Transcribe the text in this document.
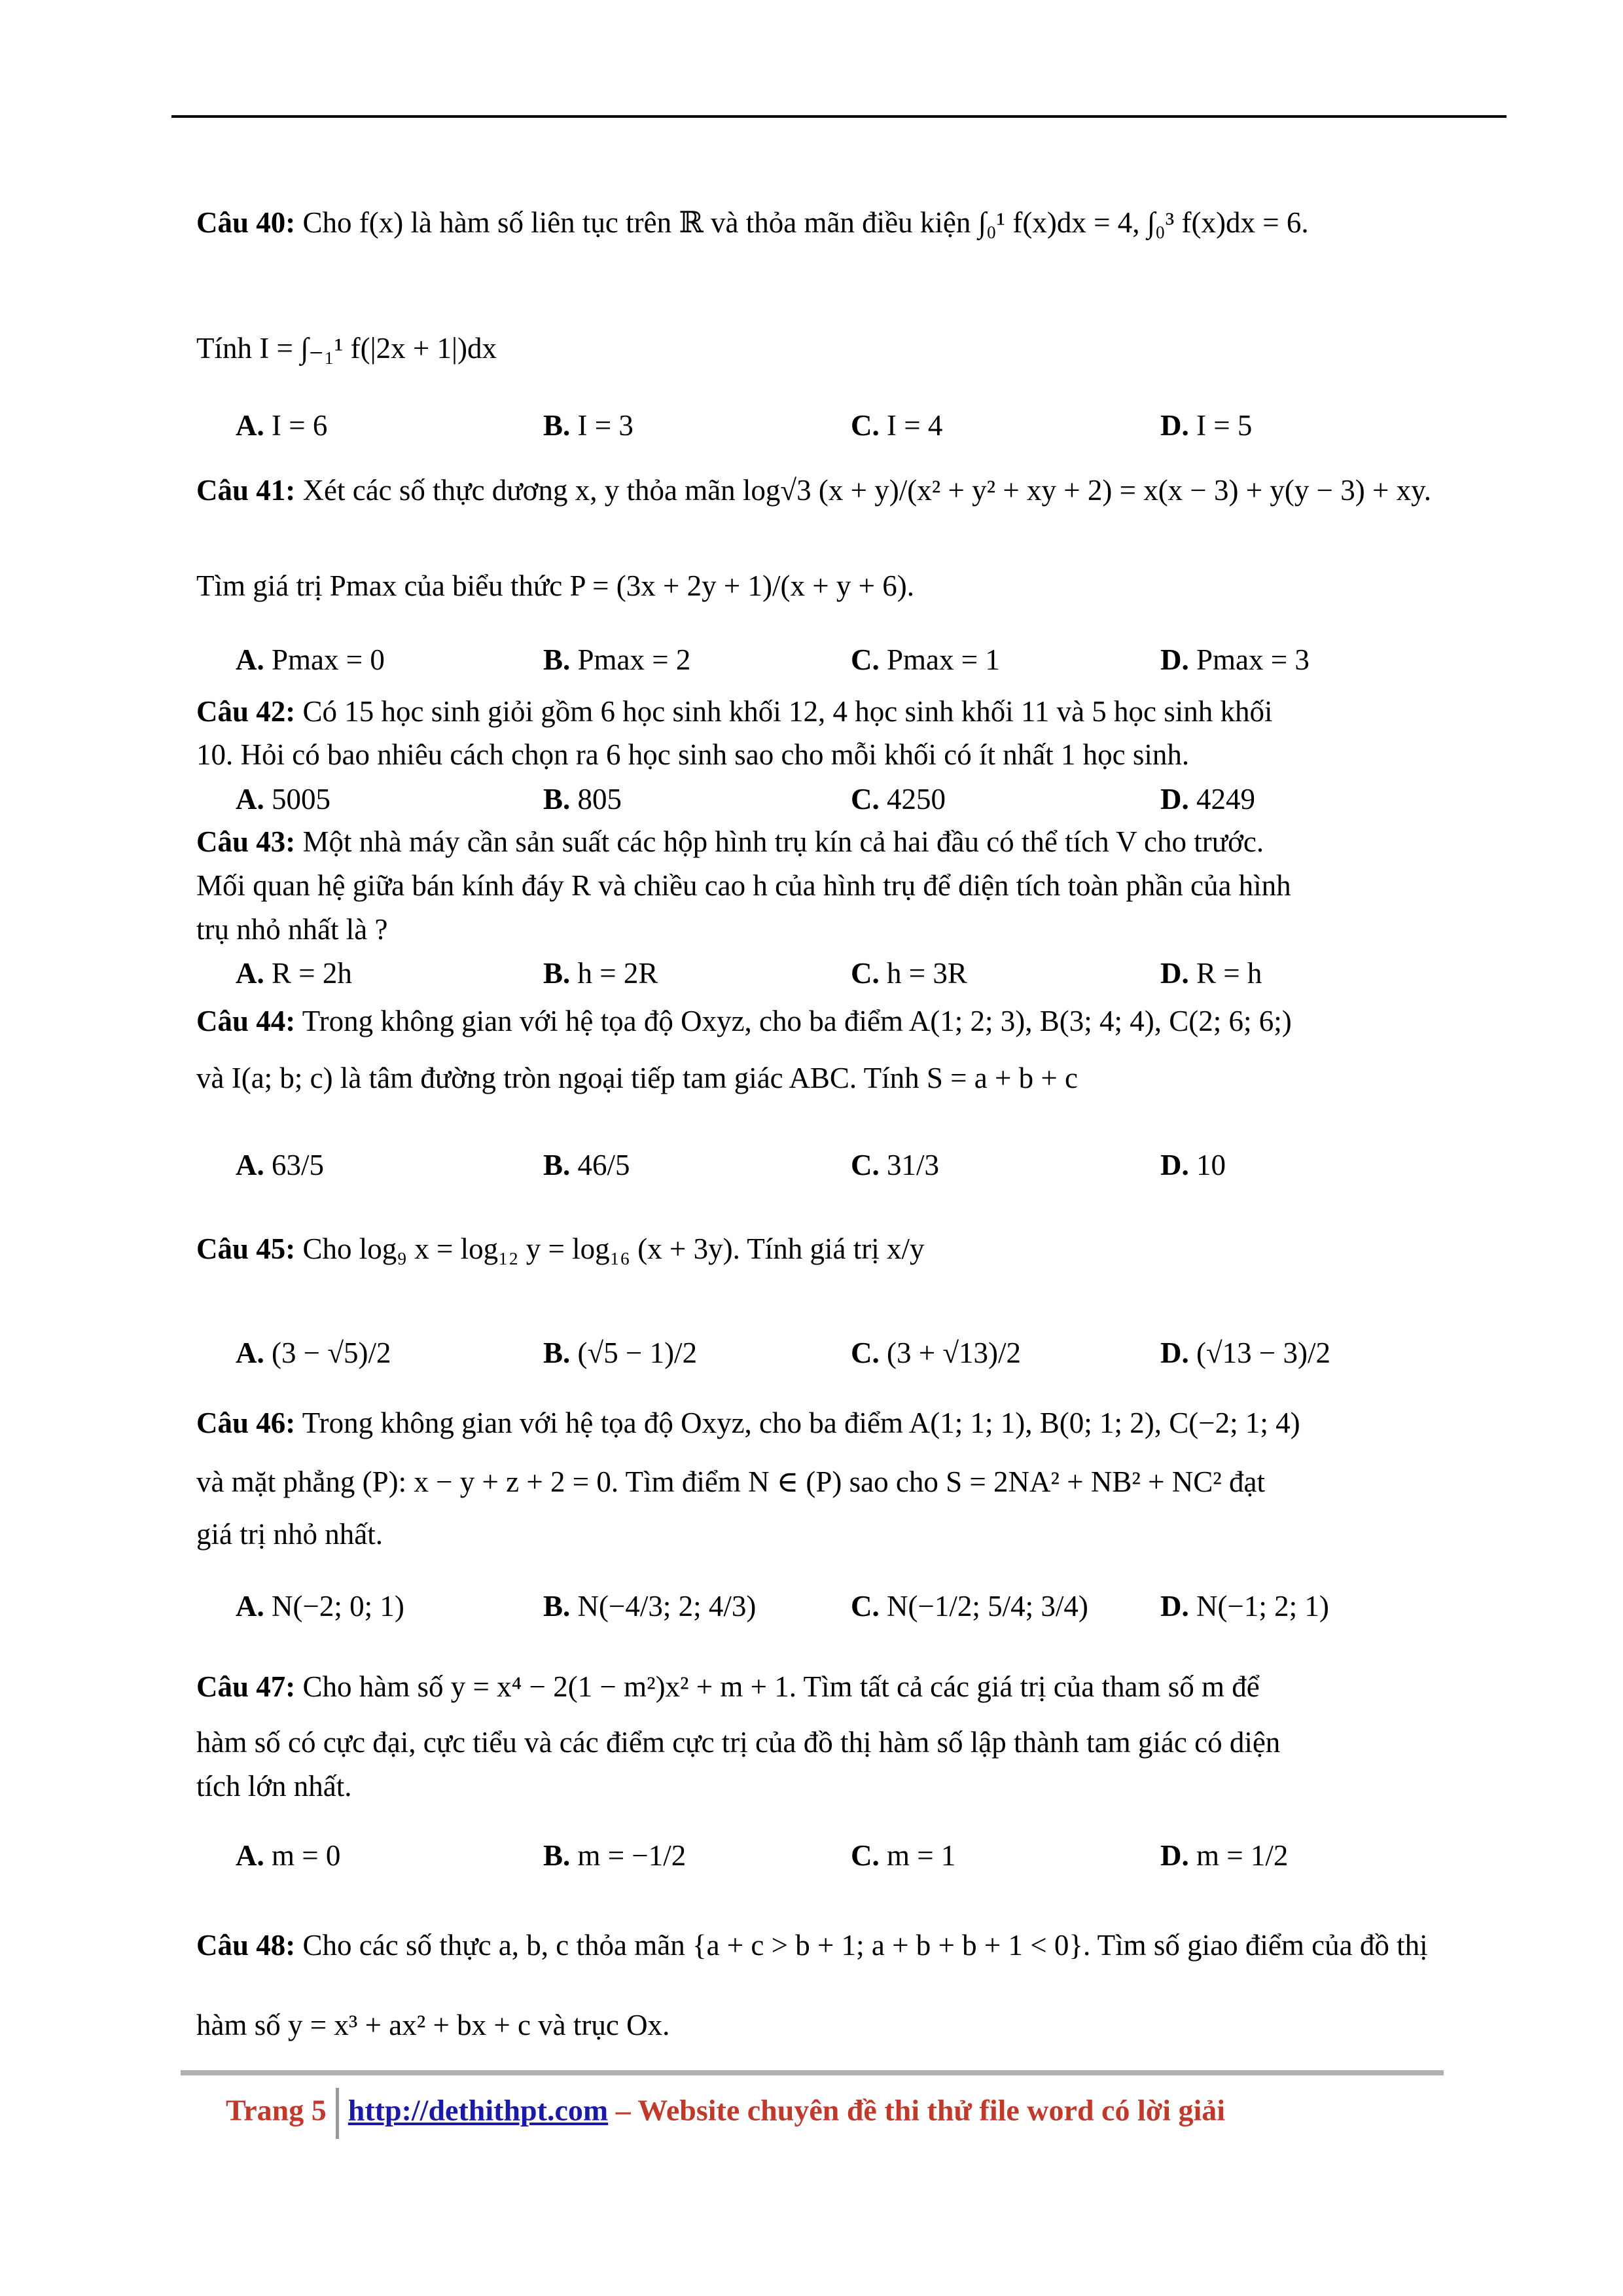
Câu 40: Cho f(x) là hàm số liên tục trên ℝ và thỏa mãn điều kiện ∫₀¹ f(x)dx = 4, ∫₀³ f(x)dx = 6.
Tính I = ∫₋₁¹ f(|2x + 1|)dx
A. I = 6	B. I = 3	C. I = 4	D. I = 5
Câu 41: Xét các số thực dương x, y thỏa mãn log√3 (x + y)/(x² + y² + xy + 2) = x(x − 3) + y(y − 3) + xy.
Tìm giá trị Pmax của biểu thức P = (3x + 2y + 1)/(x + y + 6).
A. Pmax = 0	B. Pmax = 2	C. Pmax = 1	D. Pmax = 3
Câu 42: Có 15 học sinh giỏi gồm 6 học sinh khối 12, 4 học sinh khối 11 và 5 học sinh khối
10. Hỏi có bao nhiêu cách chọn ra 6 học sinh sao cho mỗi khối có ít nhất 1 học sinh.
A. 5005	B. 805	C. 4250	D. 4249
Câu 43: Một nhà máy cần sản suất các hộp hình trụ kín cả hai đầu có thể tích V cho trước.
Mối quan hệ giữa bán kính đáy R và chiều cao h của hình trụ để diện tích toàn phần của hình
trụ nhỏ nhất là ?
A. R = 2h	B. h = 2R	C. h = 3R	D. R = h
Câu 44: Trong không gian với hệ tọa độ Oxyz, cho ba điểm A(1; 2; 3), B(3; 4; 4), C(2; 6; 6;)
và I(a; b; c) là tâm đường tròn ngoại tiếp tam giác ABC. Tính S = a + b + c
A. 63/5	B. 46/5	C. 31/3	D. 10
Câu 45: Cho log₉ x = log₁₂ y = log₁₆ (x + 3y). Tính giá trị x/y
A. (3 − √5)/2	B. (√5 − 1)/2	C. (3 + √13)/2	D. (√13 − 3)/2
Câu 46: Trong không gian với hệ tọa độ Oxyz, cho ba điểm A(1; 1; 1), B(0; 1; 2), C(−2; 1; 4)
và mặt phẳng (P): x − y + z + 2 = 0. Tìm điểm N ∈ (P) sao cho S = 2NA² + NB² + NC² đạt
giá trị nhỏ nhất.
A. N(−2; 0; 1)	B. N(−4/3; 2; 4/3)	C. N(−1/2; 5/4; 3/4) D. N(−1; 2; 1)
Câu 47: Cho hàm số y = x⁴ − 2(1 − m²)x² + m + 1. Tìm tất cả các giá trị của tham số m để
hàm số có cực đại, cực tiểu và các điểm cực trị của đồ thị hàm số lập thành tam giác có diện
tích lớn nhất.
A. m = 0	B. m = −1/2	C. m = 1	D. m = 1/2
Câu 48: Cho các số thực a, b, c thỏa mãn {a + c > b + 1; a + b + b + 1 < 0}. Tìm số giao điểm của đồ thị
hàm số y = x³ + ax² + bx + c và trục Ox.
Trang 5 http://dethithpt.com – Website chuyên đề thi thử file word có lời giải
